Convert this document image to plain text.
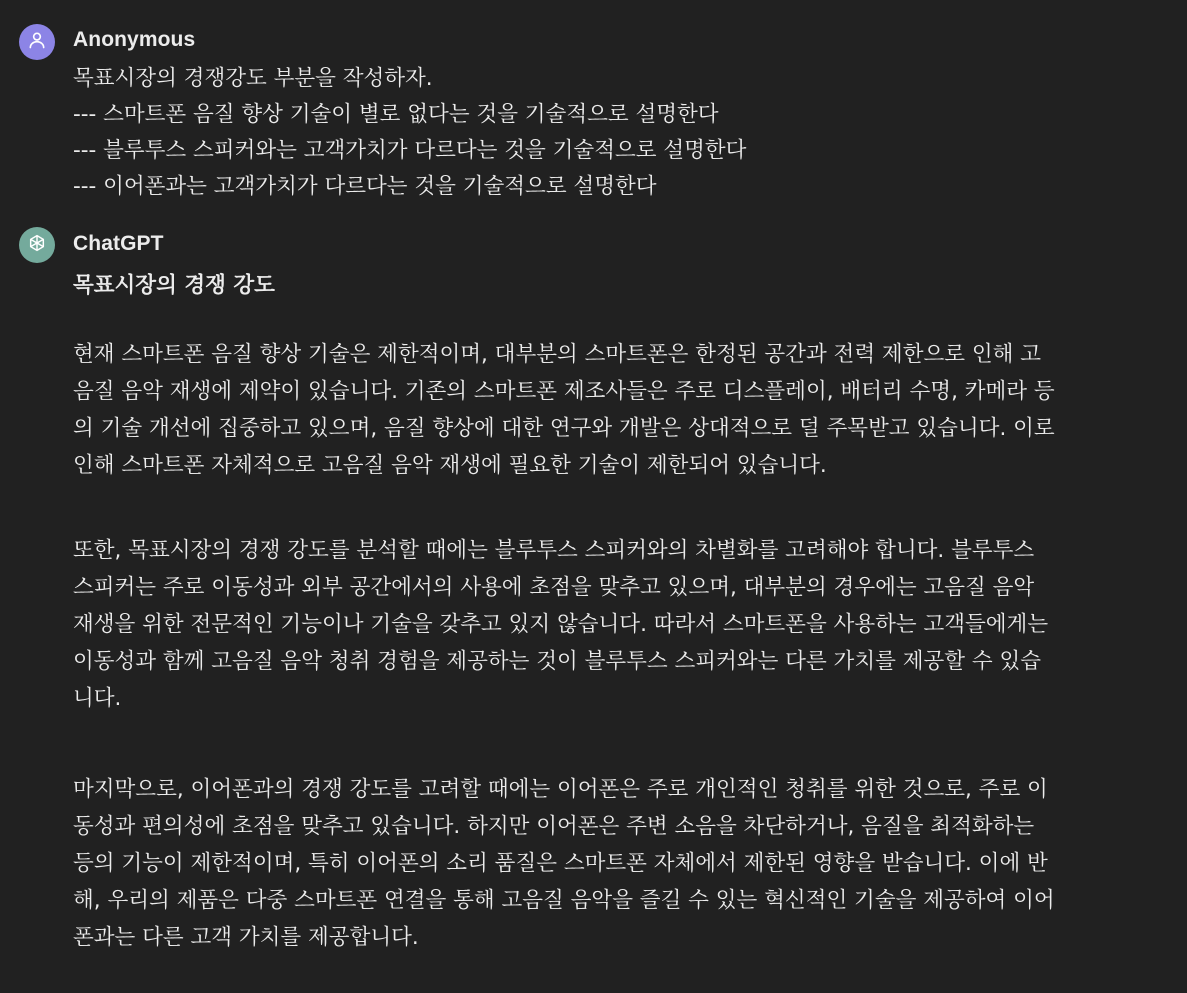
Anonymous
목표시장의 경쟁강도 부분을 작성하자.
--- 스마트폰 음질 향상 기술이 별로 없다는 것을 기술적으로 설명한다
--- 블루투스 스피커와는 고객가치가 다르다는 것을 기술적으로 설명한다
--- 이어폰과는 고객가치가 다르다는 것을 기술적으로 설명한다
ChatGPT
목표시장의 경쟁 강도
현재 스마트폰 음질 향상 기술은 제한적이며, 대부분의 스마트폰은 한정된 공간과 전력 제한으로 인해 고
음질 음악 재생에 제약이 있습니다. 기존의 스마트폰 제조사들은 주로 디스플레이, 배터리 수명, 카메라 등
의 기술 개선에 집중하고 있으며, 음질 향상에 대한 연구와 개발은 상대적으로 덜 주목받고 있습니다. 이로
인해 스마트폰 자체적으로 고음질 음악 재생에 필요한 기술이 제한되어 있습니다.
또한, 목표시장의 경쟁 강도를 분석할 때에는 블루투스 스피커와의 차별화를 고려해야 합니다. 블루투스
스피커는 주로 이동성과 외부 공간에서의 사용에 초점을 맞추고 있으며, 대부분의 경우에는 고음질 음악
재생을 위한 전문적인 기능이나 기술을 갖추고 있지 않습니다. 따라서 스마트폰을 사용하는 고객들에게는
이동성과 함께 고음질 음악 청취 경험을 제공하는 것이 블루투스 스피커와는 다른 가치를 제공할 수 있습
니다.
마지막으로, 이어폰과의 경쟁 강도를 고려할 때에는 이어폰은 주로 개인적인 청취를 위한 것으로, 주로 이
동성과 편의성에 초점을 맞추고 있습니다. 하지만 이어폰은 주변 소음을 차단하거나, 음질을 최적화하는
등의 기능이 제한적이며, 특히 이어폰의 소리 품질은 스마트폰 자체에서 제한된 영향을 받습니다. 이에 반
해, 우리의 제품은 다중 스마트폰 연결을 통해 고음질 음악을 즐길 수 있는 혁신적인 기술을 제공하여 이어
폰과는 다른 고객 가치를 제공합니다.
